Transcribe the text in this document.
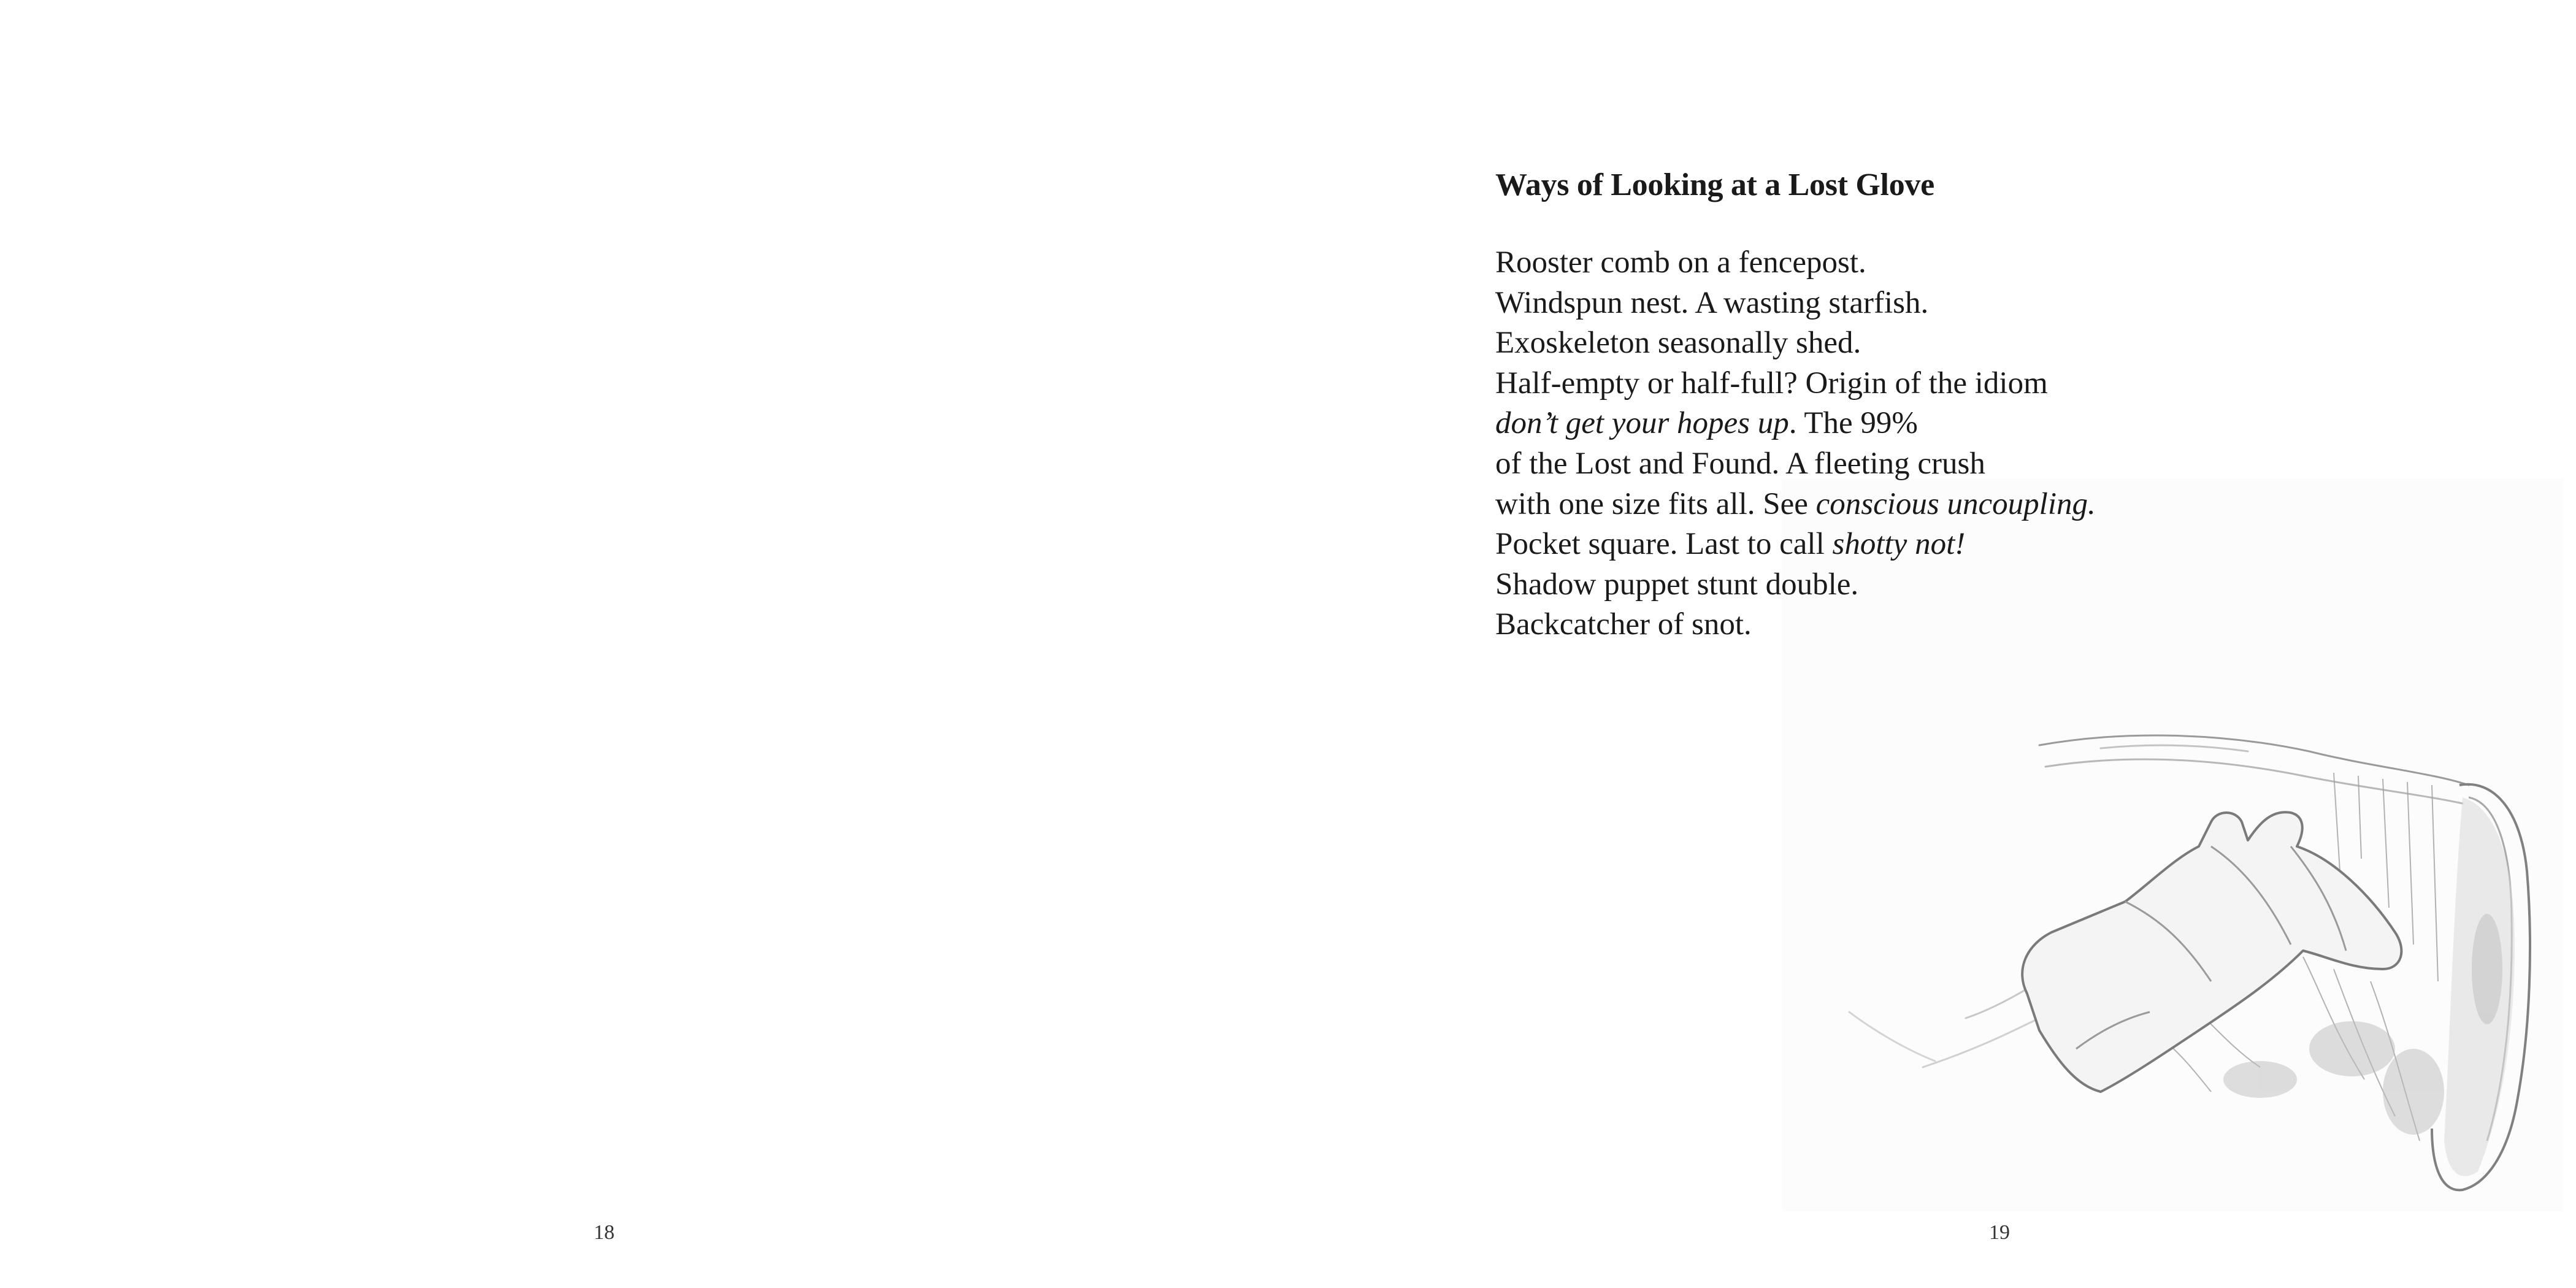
18
Ways of Looking at a Lost Glove
Rooster comb on a fencepost.
Windspun nest. A wasting starfish.
Exoskeleton seasonally shed.
Half-empty or half-full? Origin of the idiom
don’t get your hopes up. The 99%
of the Lost and Found. A fleeting crush
with one size fits all. See conscious uncoupling.
Pocket square. Last to call shotty not!
Shadow puppet stunt double.
Backcatcher of snot.
19
